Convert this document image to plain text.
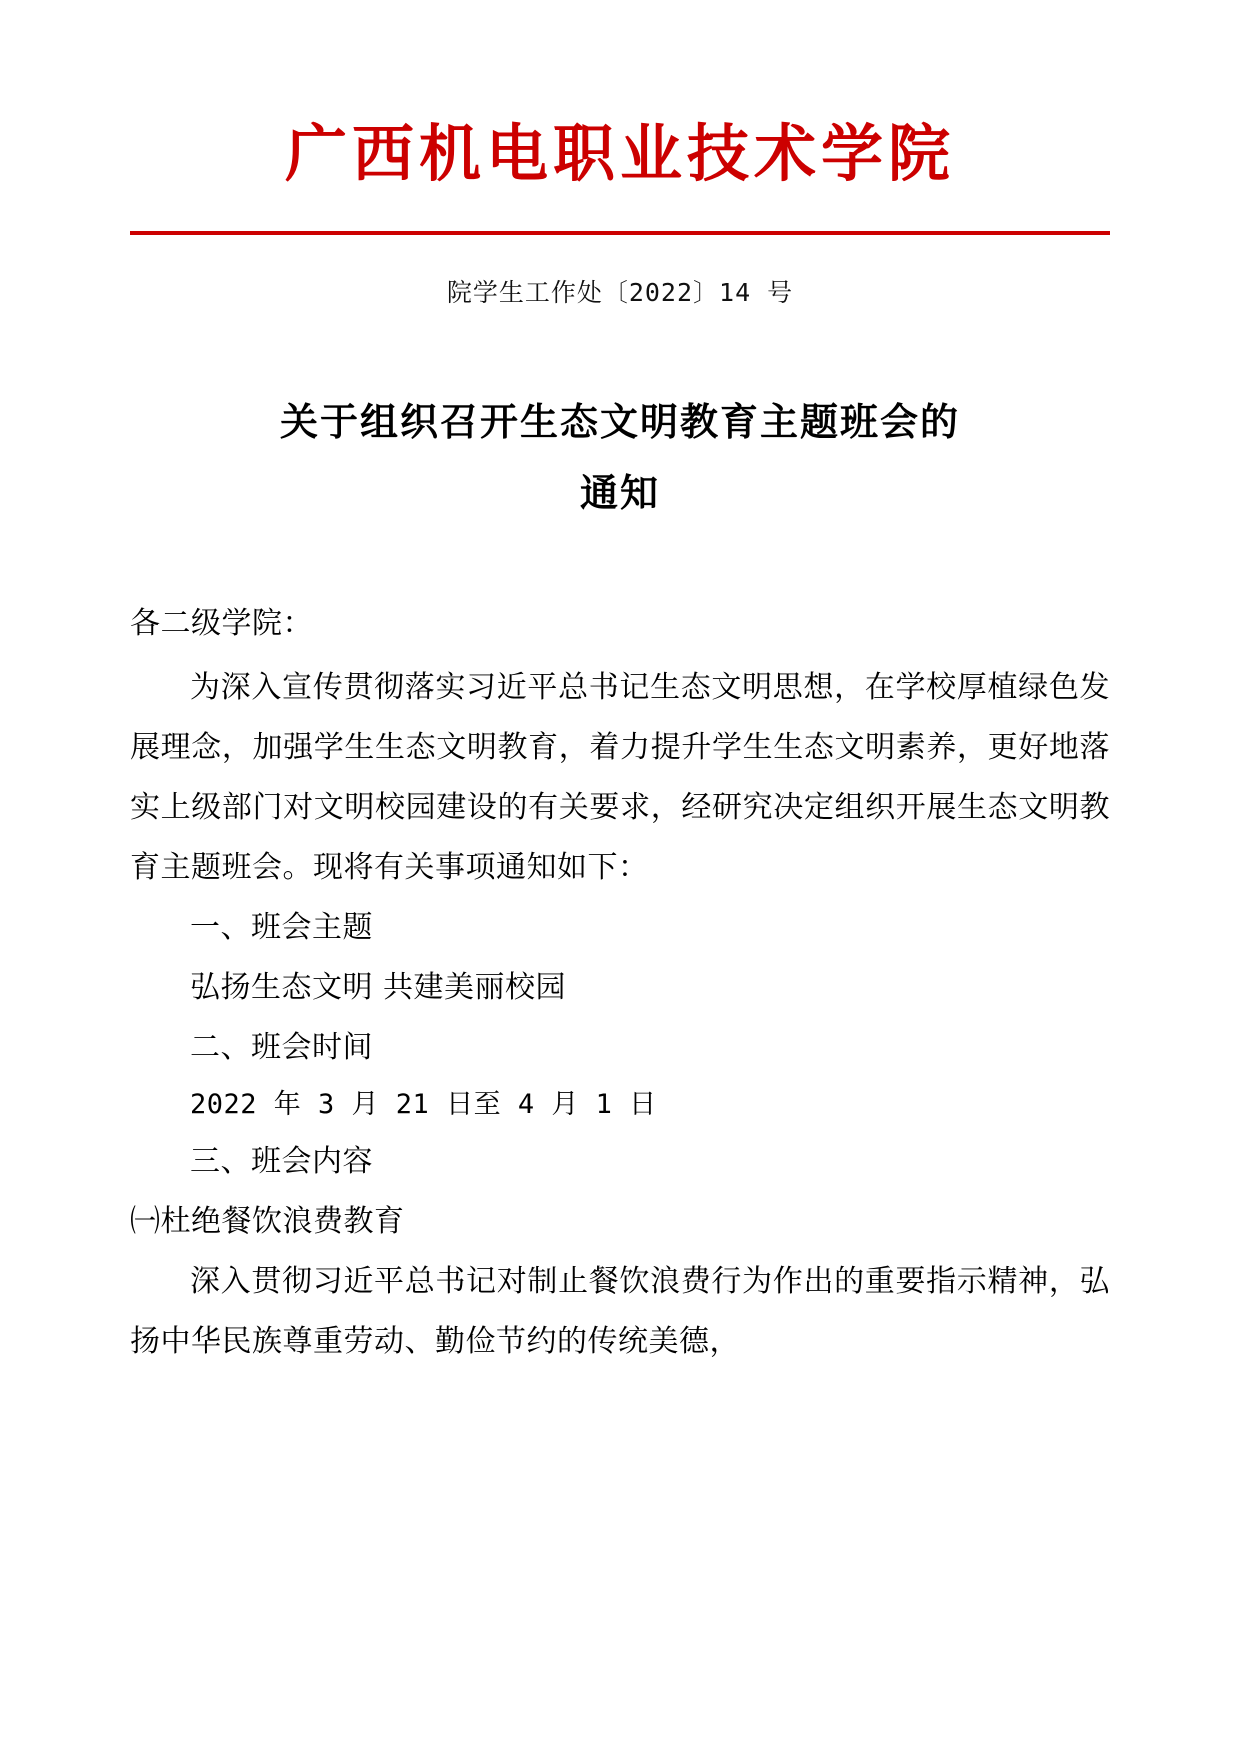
广西机电职业技术学院
院学生工作处〔2022〕14 号
关于组织召开生态文明教育主题班会的
通知

各二级学院：

为深入宣传贯彻落实习近平总书记生态文明思想，在学校厚植绿色发展理念，加强学生生态文明教育，着力提升学生生态文明素养，更好地落实上级部门对文明校园建设的有关要求，经研究决定组织开展生态文明教育主题班会。现将有关事项通知如下：

一、班会主题

弘扬生态文明 共建美丽校园

二、班会时间

2022 年 3 月 21 日至 4 月 1 日

三、班会内容

㈠杜绝餐饮浪费教育

深入贯彻习近平总书记对制止餐饮浪费行为作出的重要指示精神，弘扬中华民族尊重劳动、勤俭节约的传统美德，
